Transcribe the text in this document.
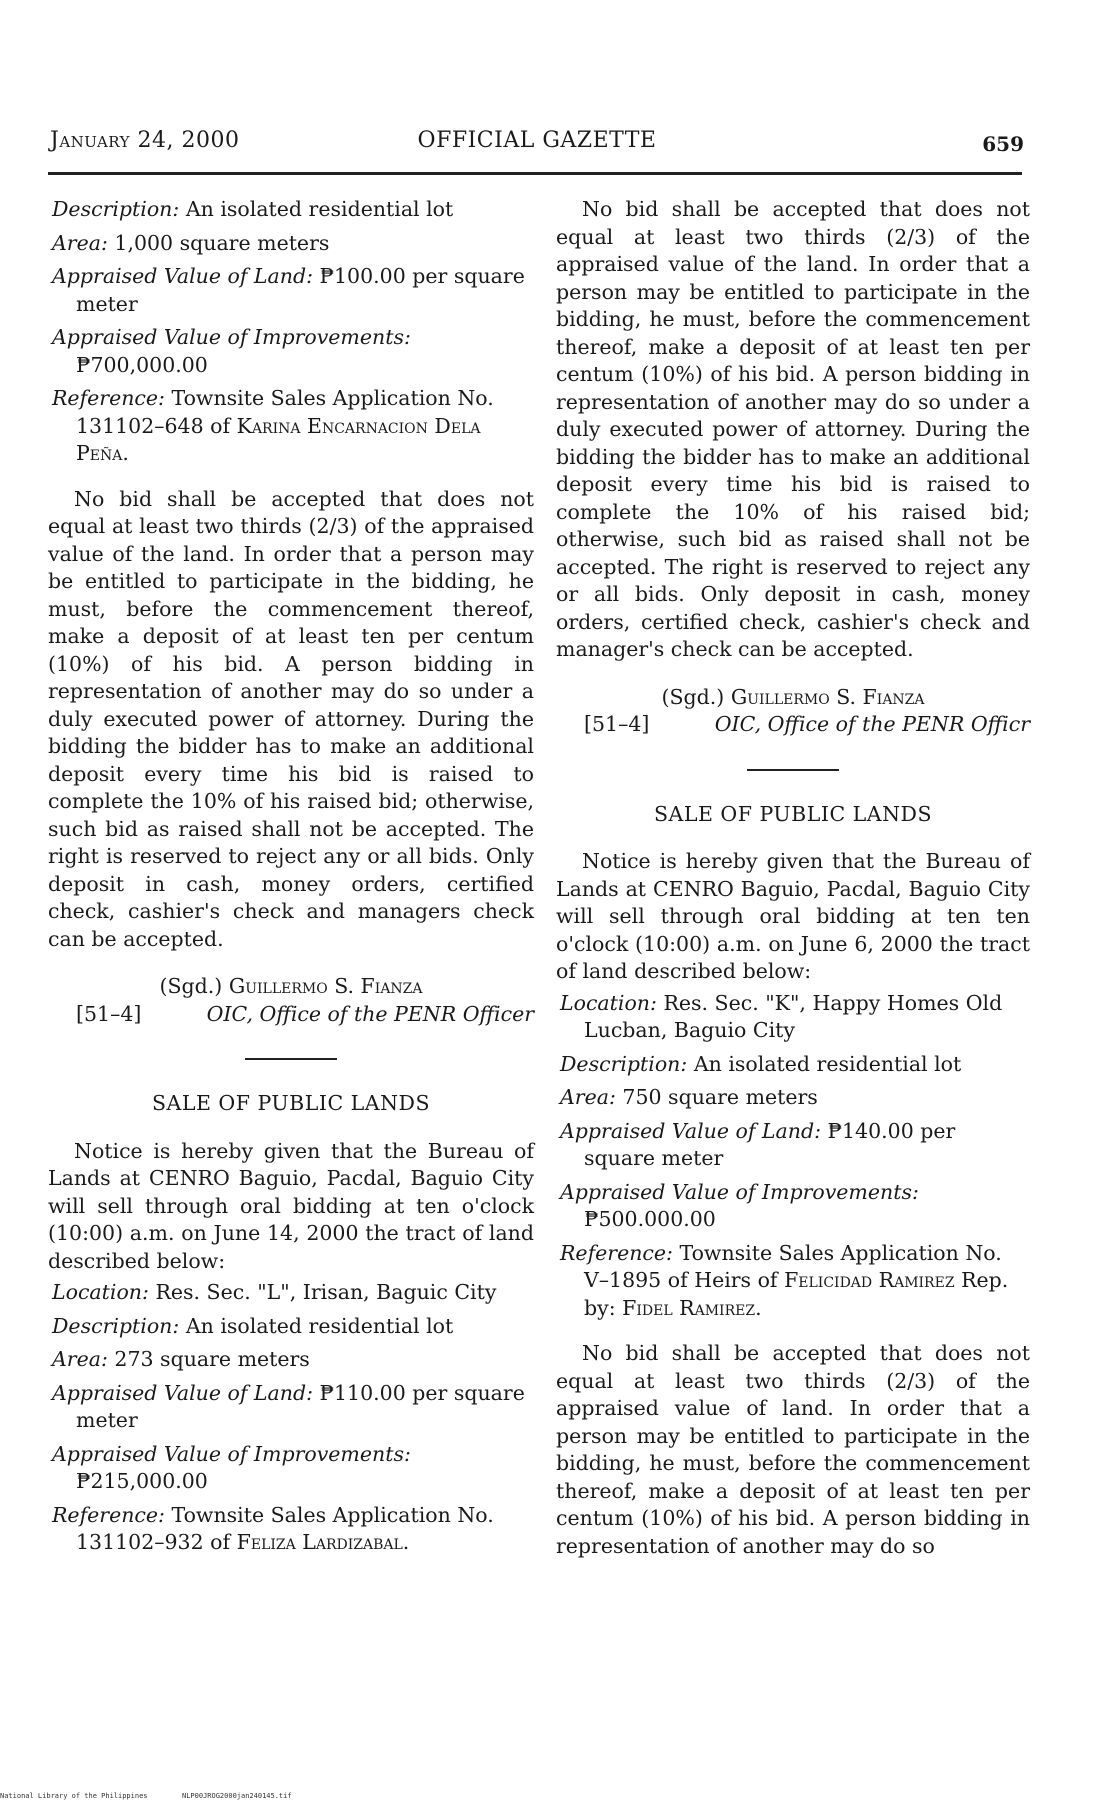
January 24, 2000	OFFICIAL GAZETTE	659

Description: An isolated residential lot

Area: 1,000 square meters

Appraised Value of Land: ₱100.00 per square meter

Appraised Value of Improvements: ₱700,000.00

Reference: Townsite Sales Application No. 131102–648 of Karina Encarnacion Dela Peña.

No bid shall be accepted that does not equal at least two thirds (2/3) of the appraised value of the land. In order that a person may be entitled to participate in the bidding, he must, before the commencement thereof, make a deposit of at least ten per centum (10%) of his bid. A person bidding in representation of another may do so under a duly executed power of attorney. During the bidding the bidder has to make an additional deposit every time his bid is raised to complete the 10% of his raised bid; otherwise, such bid as raised shall not be accepted. The right is reserved to reject any or all bids. Only deposit in cash, money orders, certified check, cashier's check and managers check can be accepted.

(Sgd.) Guillermo S. Fianza
[51–4]	OIC, Office of the PENR Officer

SALE OF PUBLIC LANDS

Notice is hereby given that the Bureau of Lands at CENRO Baguio, Pacdal, Baguio City will sell through oral bidding at ten o'clock (10:00) a.m. on June 14, 2000 the tract of land described below:

Location: Res. Sec. "L", Irisan, Baguic City

Description: An isolated residential lot

Area: 273 square meters

Appraised Value of Land: ₱110.00 per square meter

Appraised Value of Improvements: ₱215,000.00

Reference: Townsite Sales Application No. 131102–932 of Feliza Lardizabal.

No bid shall be accepted that does not equal at least two thirds (2/3) of the appraised value of the land. In order that a person may be entitled to participate in the bidding, he must, before the commencement thereof, make a deposit of at least ten per centum (10%) of his bid. A person bidding in representation of another may do so under a duly executed power of attorney. During the bidding the bidder has to make an additional deposit every time his bid is raised to complete the 10% of his raised bid; otherwise, such bid as raised shall not be accepted. The right is reserved to reject any or all bids. Only deposit in cash, money orders, certified check, cashier's check and manager's check can be accepted.

(Sgd.) Guillermo S. Fianza
[51–4]	OIC, Office of the PENR Officr

SALE OF PUBLIC LANDS

Notice is hereby given that the Bureau of Lands at CENRO Baguio, Pacdal, Baguio City will sell through oral bidding at ten ten o'clock (10:00) a.m. on June 6, 2000 the tract of land described below:

Location: Res. Sec. "K", Happy Homes Old Lucban, Baguio City

Description: An isolated residential lot

Area: 750 square meters

Appraised Value of Land: ₱140.00 per square meter

Appraised Value of Improvements: ₱500.000.00

Reference: Townsite Sales Application No. V–1895 of Heirs of Felicidad Ramirez Rep. by: Fidel Ramirez.

No bid shall be accepted that does not equal at least two thirds (2/3) of the appraised value of land. In order that a person may be entitled to participate in the bidding, he must, before the commencement thereof, make a deposit of at least ten per centum (10%) of his bid. A person bidding in representation of another may do so

National Library of the Philippines	NLP00JROG2000jan240145.tif
